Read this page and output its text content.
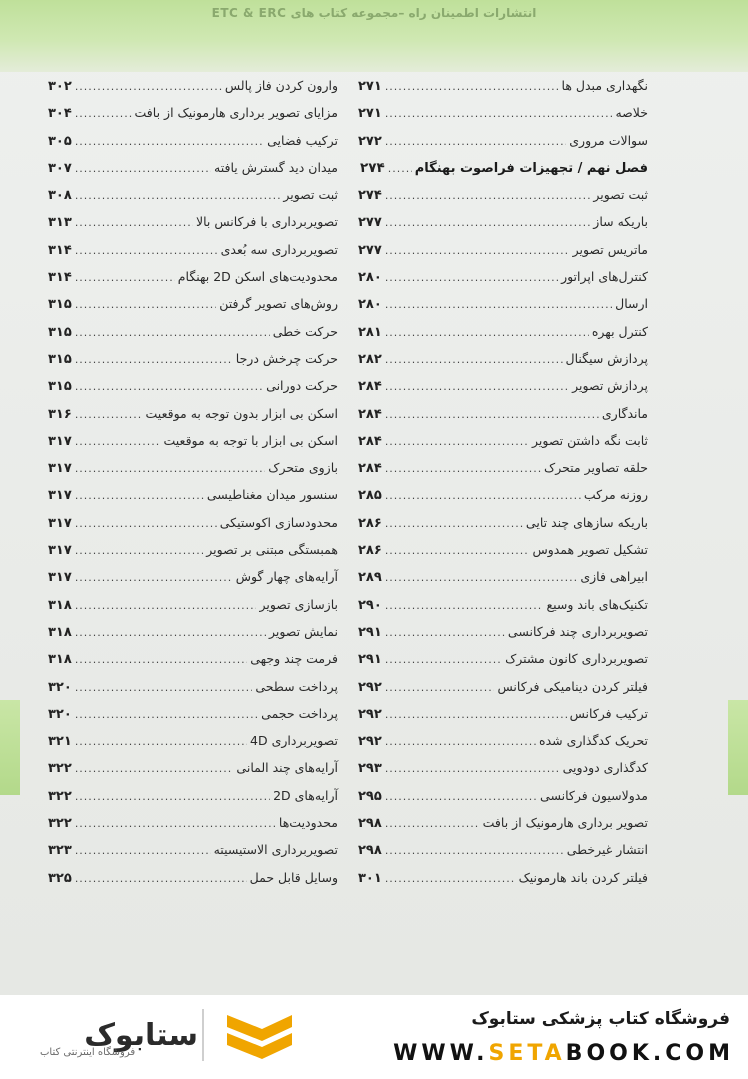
انتشارات اطمینان راه –مجموعه کتاب های ETC & ERC
نگهداری مبدل ها
.....
۲۷۱
خلاصه
.....
۲۷۱
سوالات مروری
.....
۲۷۲
فصل نهم / تجهیزات فراصوت بهنگام
.....
۲۷۴
ثبت تصویر
.....
۲۷۴
باریکه ساز
.....
۲۷۷
ماتریس تصویر
.....
۲۷۷
کنترل‌های اپراتور
.....
۲۸۰
ارسال
.....
۲۸۰
کنترل بهره
.....
۲۸۱
پردازش سیگنال
.....
۲۸۲
پردازش تصویر
.....
۲۸۴
ماندگاری
.....
۲۸۴
ثابت نگه داشتن تصویر
.....
۲۸۴
حلقه تصاویر متحرک
.....
۲۸۴
روزنه مرکب
.....
۲۸۵
باریکه سازهای چند تایی
.....
۲۸۶
تشکیل تصویر همدوس
.....
۲۸۶
ابیراهی فازی
.....
۲۸۹
تکنیک‌های باند وسیع
.....
۲۹۰
تصویربرداری چند فرکانسی
.....
۲۹۱
تصویربرداری کانون مشترک
.....
۲۹۱
فیلتر کردن دینامیکی فرکانس
.....
۲۹۲
ترکیب فرکانس
.....
۲۹۲
تحریک کدگذاری شده
.....
۲۹۲
کدگذاری دودویی
.....
۲۹۳
مدولاسیون فرکانسی
.....
۲۹۵
تصویر برداری هارمونیک از بافت
.....
۲۹۸
انتشار غیرخطی
.....
۲۹۸
فیلتر کردن باند هارمونیک
.....
۳۰۱
وارون کردن فاز پالس
.....
۳۰۲
مزایای تصویر برداری هارمونیک از بافت
.....
۳۰۴
ترکیب فضایی
.....
۳۰۵
میدان دید گسترش یافته
.....
۳۰۷
ثبت تصویر
.....
۳۰۸
تصویربرداری با فرکانس بالا
.....
۳۱۳
تصویربرداری سه بُعدی
.....
۳۱۴
محدودیت‌های اسکن 2D بهنگام
.....
۳۱۴
روش‌های تصویر گرفتن
.....
۳۱۵
حرکت خطی
.....
۳۱۵
حرکت چرخش درجا
.....
۳۱۵
حرکت دورانی
.....
۳۱۵
اسکن بی ابزار بدون توجه به موقعیت
.....
۳۱۶
اسکن بی ابزار با توجه به موقعیت
.....
۳۱۷
بازوی متحرک
.....
۳۱۷
سنسور میدان مغناطیسی
.....
۳۱۷
محدودسازی اکوستیکی
.....
۳۱۷
همبستگی مبتنی بر تصویر
.....
۳۱۷
آرایه‌های چهار گوش
.....
۳۱۷
بازسازی تصویر
.....
۳۱۸
نمایش تصویر
.....
۳۱۸
فرمت چند وجهی
.....
۳۱۸
پرداخت سطحی
.....
۳۲۰
پرداخت حجمی
.....
۳۲۰
تصویربرداری 4D
.....
۳۲۱
آرایه‌های چند المانی
.....
۳۲۲
آرایه‌های 2D
.....
۳۲۲
محدودیت‌ها
.....
۳۲۲
تصویربرداری الاستیسیته
.....
۳۲۳
وسایل قابل حمل
.....
۳۲۵
ستابوک
فروشگاه اینترنتی کتاب
فروشگاه کتاب پزشکی ستابوک
WWW.SETABOOK.COM
